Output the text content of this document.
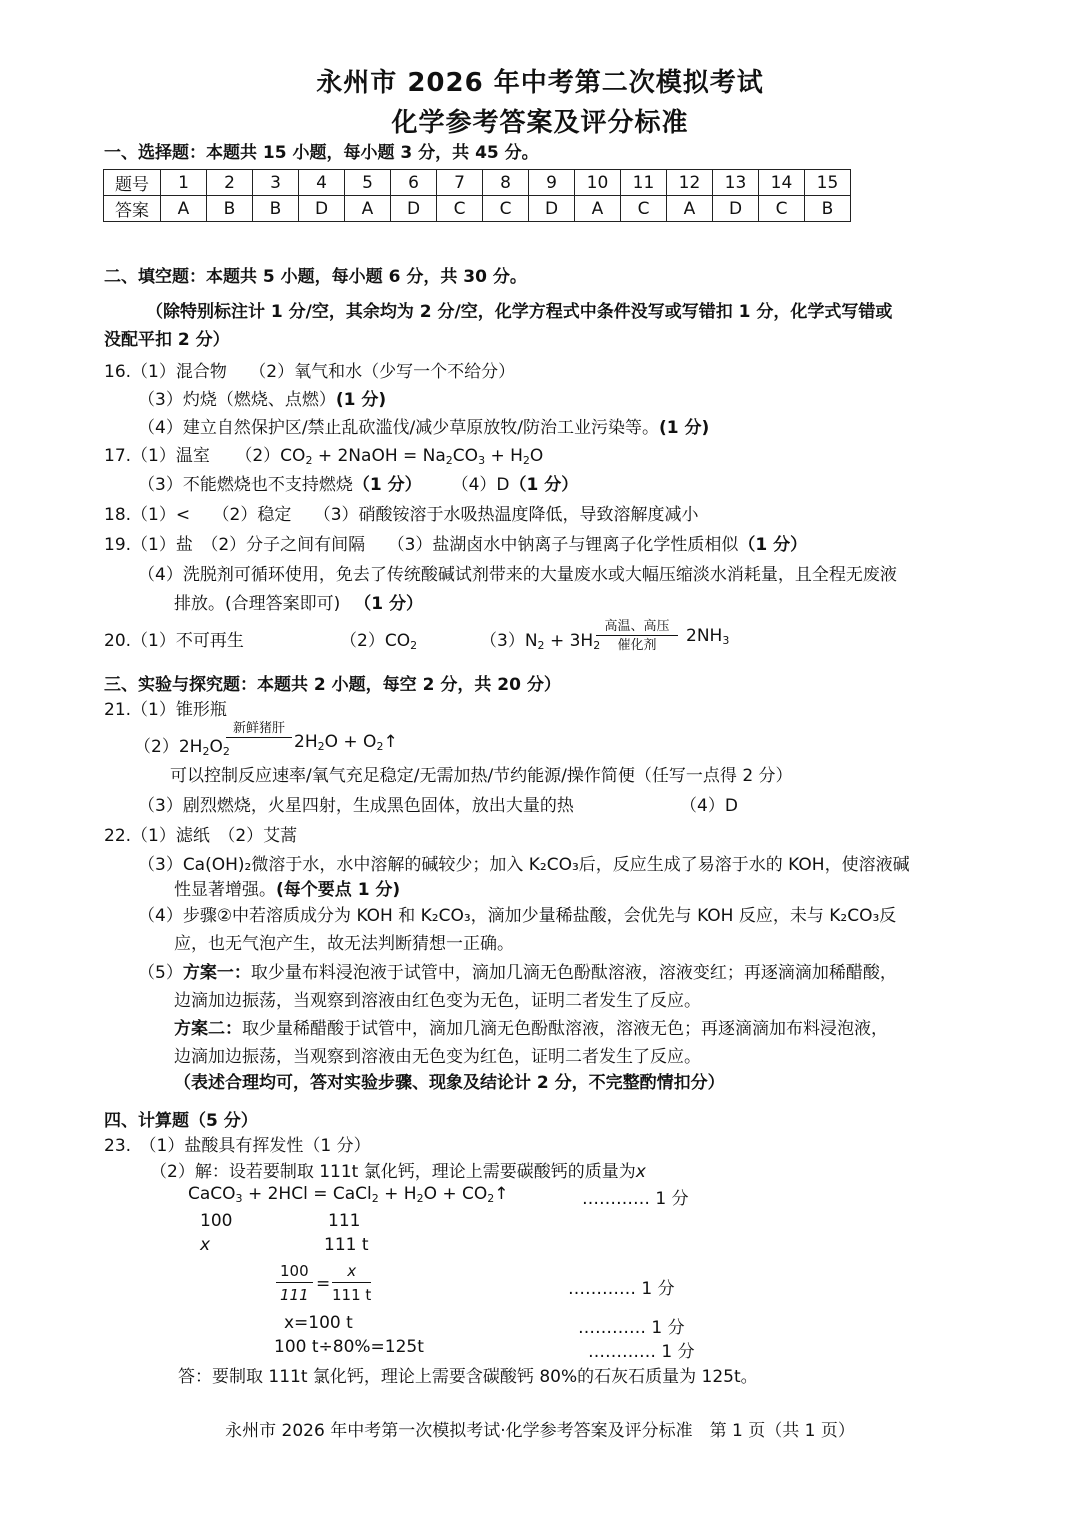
永州市 2026 年中考第二次模拟考试
化学参考答案及评分标准
一、选择题：本题共 15 小题，每小题 3 分，共 45 分。
题号	1	2	3	4	5	6	7	8	9	10	11	12	13	14	15
答案	A	B	B	D	A	D	C	C	D	A	C	A	D	C	B
二、填空题：本题共 5 小题，每小题 6 分，共 30 分。
（除特别标注计 1 分/空，其余均为 2 分/空，化学方程式中条件没写或写错扣 1 分，化学式写错或
没配平扣 2 分）
16.（1）混合物　 （2）氧气和水（少写一个不给分）
（3）灼烧（燃烧、点燃）(1 分)
（4）建立自然保护区/禁止乱砍滥伐/减少草原放牧/防治工业污染等。(1 分)
17.（1）温室　　$(2)CO_2$ + 2NaOH = $Na_2CO_3 + H_2O$
（3）不能燃烧也不支持燃烧（1 分） （4）D（1 分）
18.（1）<　 （2）稳定　 （3）硝酸铵溶于水吸热温度降低，导致溶解度减小
19.（1）盐　（2）分子之间有间隔　 （3）盐湖卤水中钠离子与锂离子化学性质相似（1 分）
（4）洗脱剂可循环使用，免去了传统酸碱试剂带来的大量废水或大幅压缩淡水消耗量，且全程无废液
排放。(合理答案即可) （1 分）
20.（1）不可再生	$(2)CO_2$	$(3)N_2 + 3H_2$
高温、高压
催化剂	$2NH_3$
三、实验与探究题：本题共 2 小题，每空 2 分，共 20 分）
21.（1）锥形瓶
$(2)2H_2O_2$
新鲜猪肝

$2H_2O$ + $O_2↑$
可以控制反应速率/氧气充足稳定/无需加热/节约能源/操作简便（任写一点得 2 分）
（3）剧烈燃烧，火星四射，生成黑色固体，放出大量的热	（4）D
22.（1）滤纸　（2）艾蒿
（3）Ca(OH)₂微溶于水，水中溶解的碱较少；加入 K₂CO₃后，反应生成了易溶于水的 KOH，使溶液碱
性显著增强。(每个要点 1 分)
（4）步骤②中若溶质成分为 KOH 和 K₂CO₃，滴加少量稀盐酸，会优先与 KOH 反应，未与 K₂CO₃反
应，也无气泡产生，故无法判断猜想一正确。
（5）方案一：取少量布料浸泡液于试管中，滴加几滴无色酚酞溶液，溶液变红；再逐滴滴加稀醋酸，
边滴加边振荡，当观察到溶液由红色变为无色，证明二者发生了反应。
方案二：取少量稀醋酸于试管中，滴加几滴无色酚酞溶液，溶液无色；再逐滴滴加布料浸泡液，
边滴加边振荡，当观察到溶液由无色变为红色，证明二者发生了反应。
（表述合理均可，答对实验步骤、现象及结论计 2 分，不完整酌情扣分）
四、计算题（5 分）
23.　（1）盐酸具有挥发性（1 分）
（2）解：设若要制取 111t 氯化钙，理论上需要碳酸钙的质量为x
CaCO$_3$ + 2HCl = CaCl$_2$ + $H_2O$ + $CO_2↑$	………… 1 分
100	111
x	111 t
$\frac{100}{111} = \frac{x}{111 t}$	………… 1 分
x=100 t	………… 1 分
100 t÷80%=125t	………… 1 分
答：要制取 111t 氯化钙，理论上需要含碳酸钙 80%的石灰石质量为 125t。
永州市 2026 年中考第一次模拟考试·化学参考答案及评分标准　第 1 页（共 1 页）
